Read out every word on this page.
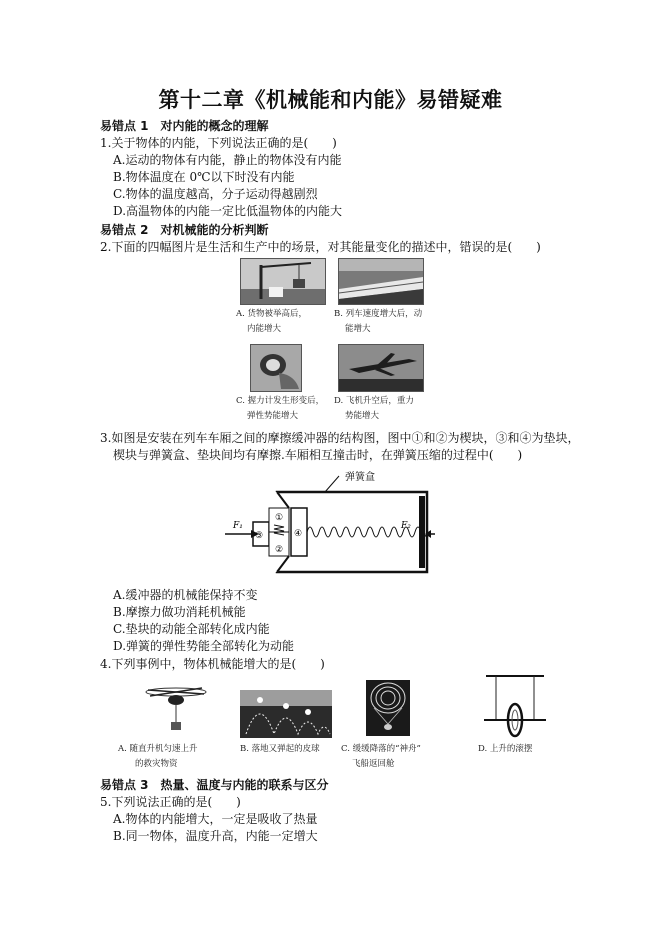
第十二章《机械能和内能》易错疑难
易错点 1　对内能的概念的理解
1.关于物体的内能，下列说法正确的是(　　)
A.运动的物体有内能，静止的物体没有内能
B.物体温度在 0℃以下时没有内能
C.物体的温度越高，分子运动得越剧烈
D.高温物体的内能一定比低温物体的内能大
易错点 2　对机械能的分析判断
2.下面的四幅图片是生活和生产中的场景，对其能量变化的描述中，错误的是(　　)
A. 货物被举高后，
内能增大
B. 列车速度增大后，动
能增大
C. 握力计发生形变后，
弹性势能增大
D. 飞机升空后，重力
势能增大
3.如图是安装在列车车厢之间的摩擦缓冲器的结构图，图中①和②为楔块，③和④为垫块，
楔块与弹簧盒、垫块间均有摩擦.车厢相互撞击时，在弹簧压缩的过程中(　　)
弹簧盒
F₁	F₂
①
②
③	④
A.缓冲器的机械能保持不变
B.摩擦力做功消耗机械能
C.垫块的动能全部转化成内能
D.弹簧的弹性势能全部转化为动能
4.下列事例中，物体机械能增大的是(　　)
A. 随直升机匀速上升
的救灾物资
B. 落地又弹起的皮球	C. 缓缓降落的“神舟”
飞船返回舱
D. 上升的滚摆
易错点 3　热量、温度与内能的联系与区分
5.下列说法正确的是(　　)
A.物体的内能增大，一定是吸收了热量
B.同一物体，温度升高，内能一定增大
